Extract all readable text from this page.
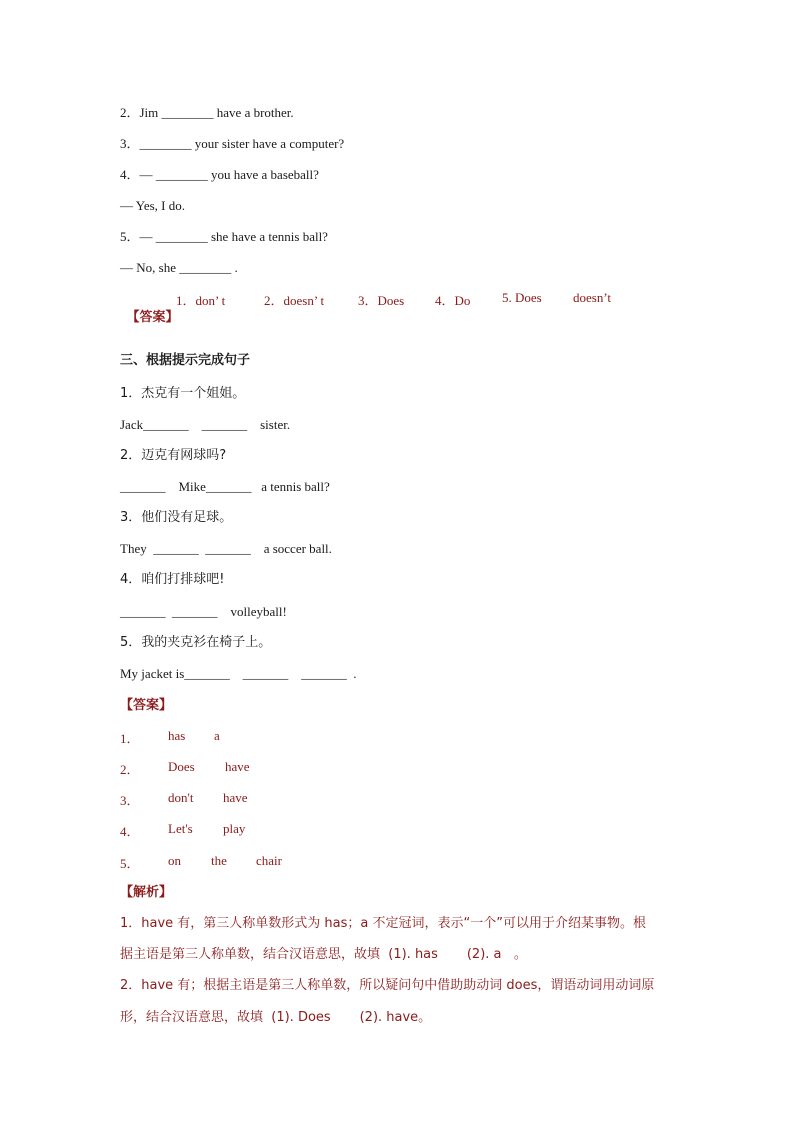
2．Jim ________ have a brother.
3．________ your sister have a computer?
4．— ________ you have a baseball?
— Yes, I do.
5．— ________ she have a tennis ball?
— No, she ________ .

【答案】

1．don’ t	2．doesn’ t	3．Does 4．Do 5. Does doesn’t
三、根据提示完成句子
1．杰克有一个姐姐。
Jack_______    _______    sister.
2．迈克有网球吗?
_______    Mike_______   a tennis ball?
3．他们没有足球。
They  _______  _______    a soccer ball.
4．咱们打排球吧!
_______  _______    volleyball!
5．我的夹克衫在椅子上。
My jacket is_______    _______    _______  .
【答案】
1． has a
2． Does have
3． don't have
4． Let's play
5． on the chair
【解析】
1．have 有，第三人称单数形式为 has；a 不定冠词，表示“一个”可以用于介绍某事物。根
据主语是第三人称单数，结合汉语意思，故填  (1). has       (2). a   。
2．have 有；根据主语是第三人称单数，所以疑问句中借助助动词 does，谓语动词用动词原
形，结合汉语意思，故填  (1). Does       (2). have。
